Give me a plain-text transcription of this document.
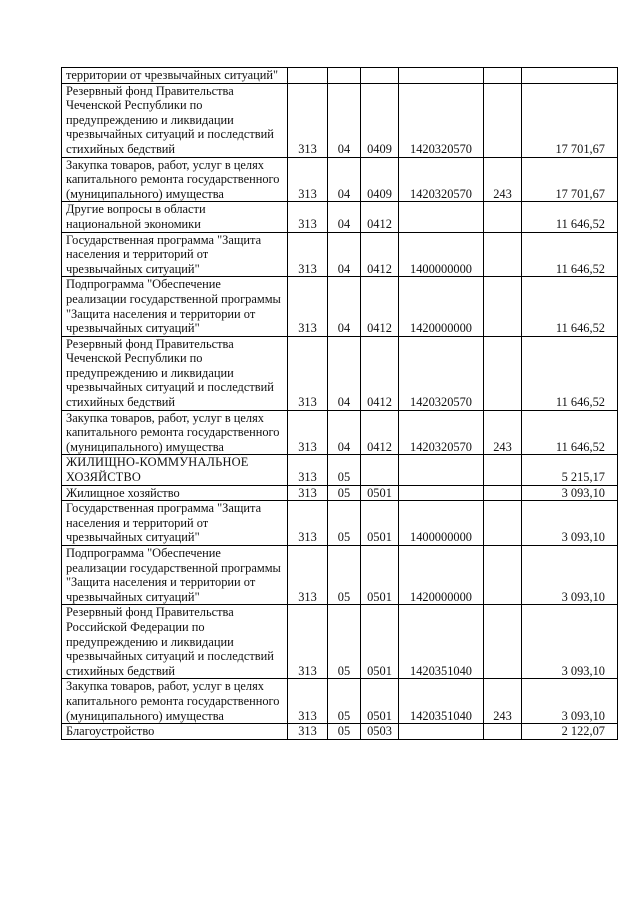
территории от чрезвычайных ситуаций"						
Резервный фонд Правительства Чеченской Республики по предупреждению и ликвидации чрезвычайных ситуаций и последствий стихийных бедствий	313	04	0409	1420320570		17 701,67
Закупка товаров, работ, услуг в целях капитального ремонта государственного (муниципального) имущества	313	04	0409	1420320570	243	17 701,67
Другие вопросы в области национальной экономики	313	04	0412			11 646,52
Государственная программа "Защита населения и территорий от чрезвычайных ситуаций"	313	04	0412	1400000000		11 646,52
Подпрограмма "Обеспечение реализации государственной программы "Защита населения и территории от чрезвычайных ситуаций"	313	04	0412	1420000000		11 646,52
Резервный фонд Правительства Чеченской Республики по предупреждению и ликвидации чрезвычайных ситуаций и последствий стихийных бедствий	313	04	0412	1420320570		11 646,52
Закупка товаров, работ, услуг в целях капитального ремонта государственного (муниципального) имущества	313	04	0412	1420320570	243	11 646,52
ЖИЛИЩНО-КОММУНАЛЬНОЕ ХОЗЯЙСТВО	313	05				5 215,17
Жилищное хозяйство	313	05	0501			3 093,10
Государственная программа "Защита населения и территорий от чрезвычайных ситуаций"	313	05	0501	1400000000		3 093,10
Подпрограмма "Обеспечение реализации государственной программы "Защита населения и территории от чрезвычайных ситуаций"	313	05	0501	1420000000		3 093,10
Резервный фонд Правительства Российской Федерации по предупреждению и ликвидации чрезвычайных ситуаций и последствий стихийных бедствий	313	05	0501	1420351040		3 093,10
Закупка товаров, работ, услуг в целях капитального ремонта государственного (муниципального) имущества	313	05	0501	1420351040	243	3 093,10
Благоустройство	313	05	0503			2 122,07
